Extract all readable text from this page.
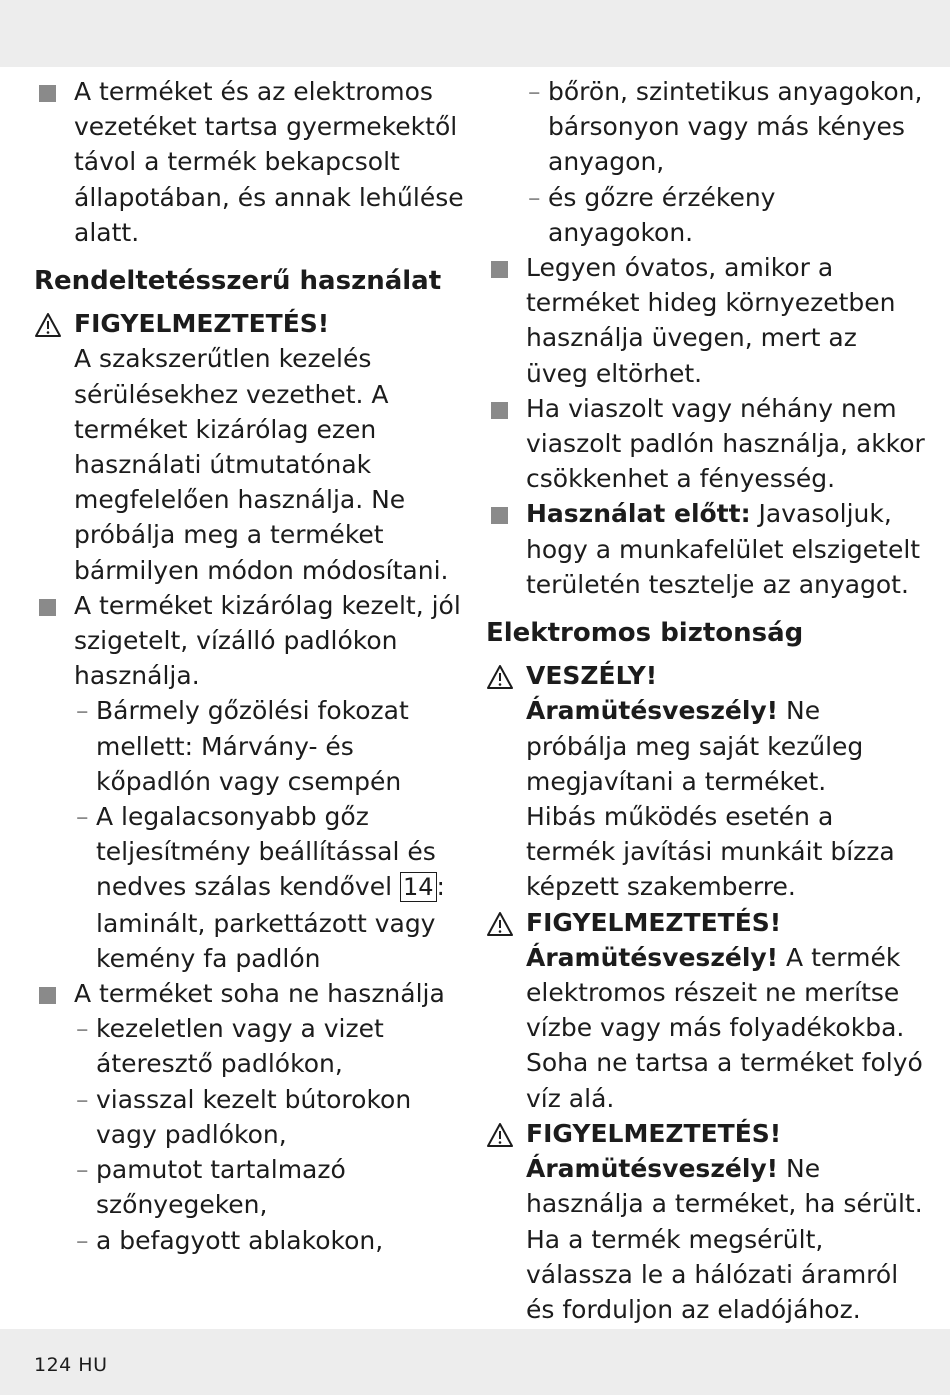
A terméket és az elektromos vezetéket tartsa gyermekektől távol a termék bekapcsolt állapotában, és annak lehűlése alatt.
Rendeltetésszerű használat
FIGYELMEZTETÉS!
A szakszerűtlen kezelés sérülésekhez vezethet. A terméket kizárólag ezen használati útmutatónak megfelelően használja. Ne próbálja meg a terméket bármilyen módon módosítani.
A terméket kizárólag kezelt, jól szigetelt, vízálló padlókon használja.
– Bármely gőzölési fokozat mellett: Márvány- és kőpadlón vagy csempén
– A legalacsonyabb gőz teljesítmény beállítással és nedves szálas kendővel 14 : laminált, parkettázott vagy kemény fa padlón
A terméket soha ne használja
– kezeletlen vagy a vizet áteresztő padlókon,
– viasszal kezelt bútorokon vagy padlókon,
– pamutot tartalmazó szőnyegeken,
– a befagyott ablakokon,
– bőrön, szintetikus anyagokon, bársonyon vagy más kényes anyagon,
– és gőzre érzékeny anyagokon.
Legyen óvatos, amikor a terméket hideg környezetben használja üvegen, mert az üveg eltörhet.
Ha viaszolt vagy néhány nem viaszolt padlón használja, akkor csökkenhet a fényesség.
Használat előtt: Javasoljuk, hogy a munkafelület elszigetelt területén tesztelje az anyagot.
Elektromos biztonság
VESZÉLY!
Áramütésveszély! Ne próbálja meg saját kezűleg megjavítani a terméket.
Hibás működés esetén a termék javítási munkáit bízza képzett szakemberre.
FIGYELMEZTETÉS!
Áramütésveszély! A termék elektromos részeit ne merítse vízbe vagy más folyadékokba. Soha ne tartsa a terméket folyó víz alá.
FIGYELMEZTETÉS!
Áramütésveszély! Ne használja a terméket, ha sérült. Ha a termék megsérült, válassza le a hálózati áramról és forduljon az eladójához.
124 HU
